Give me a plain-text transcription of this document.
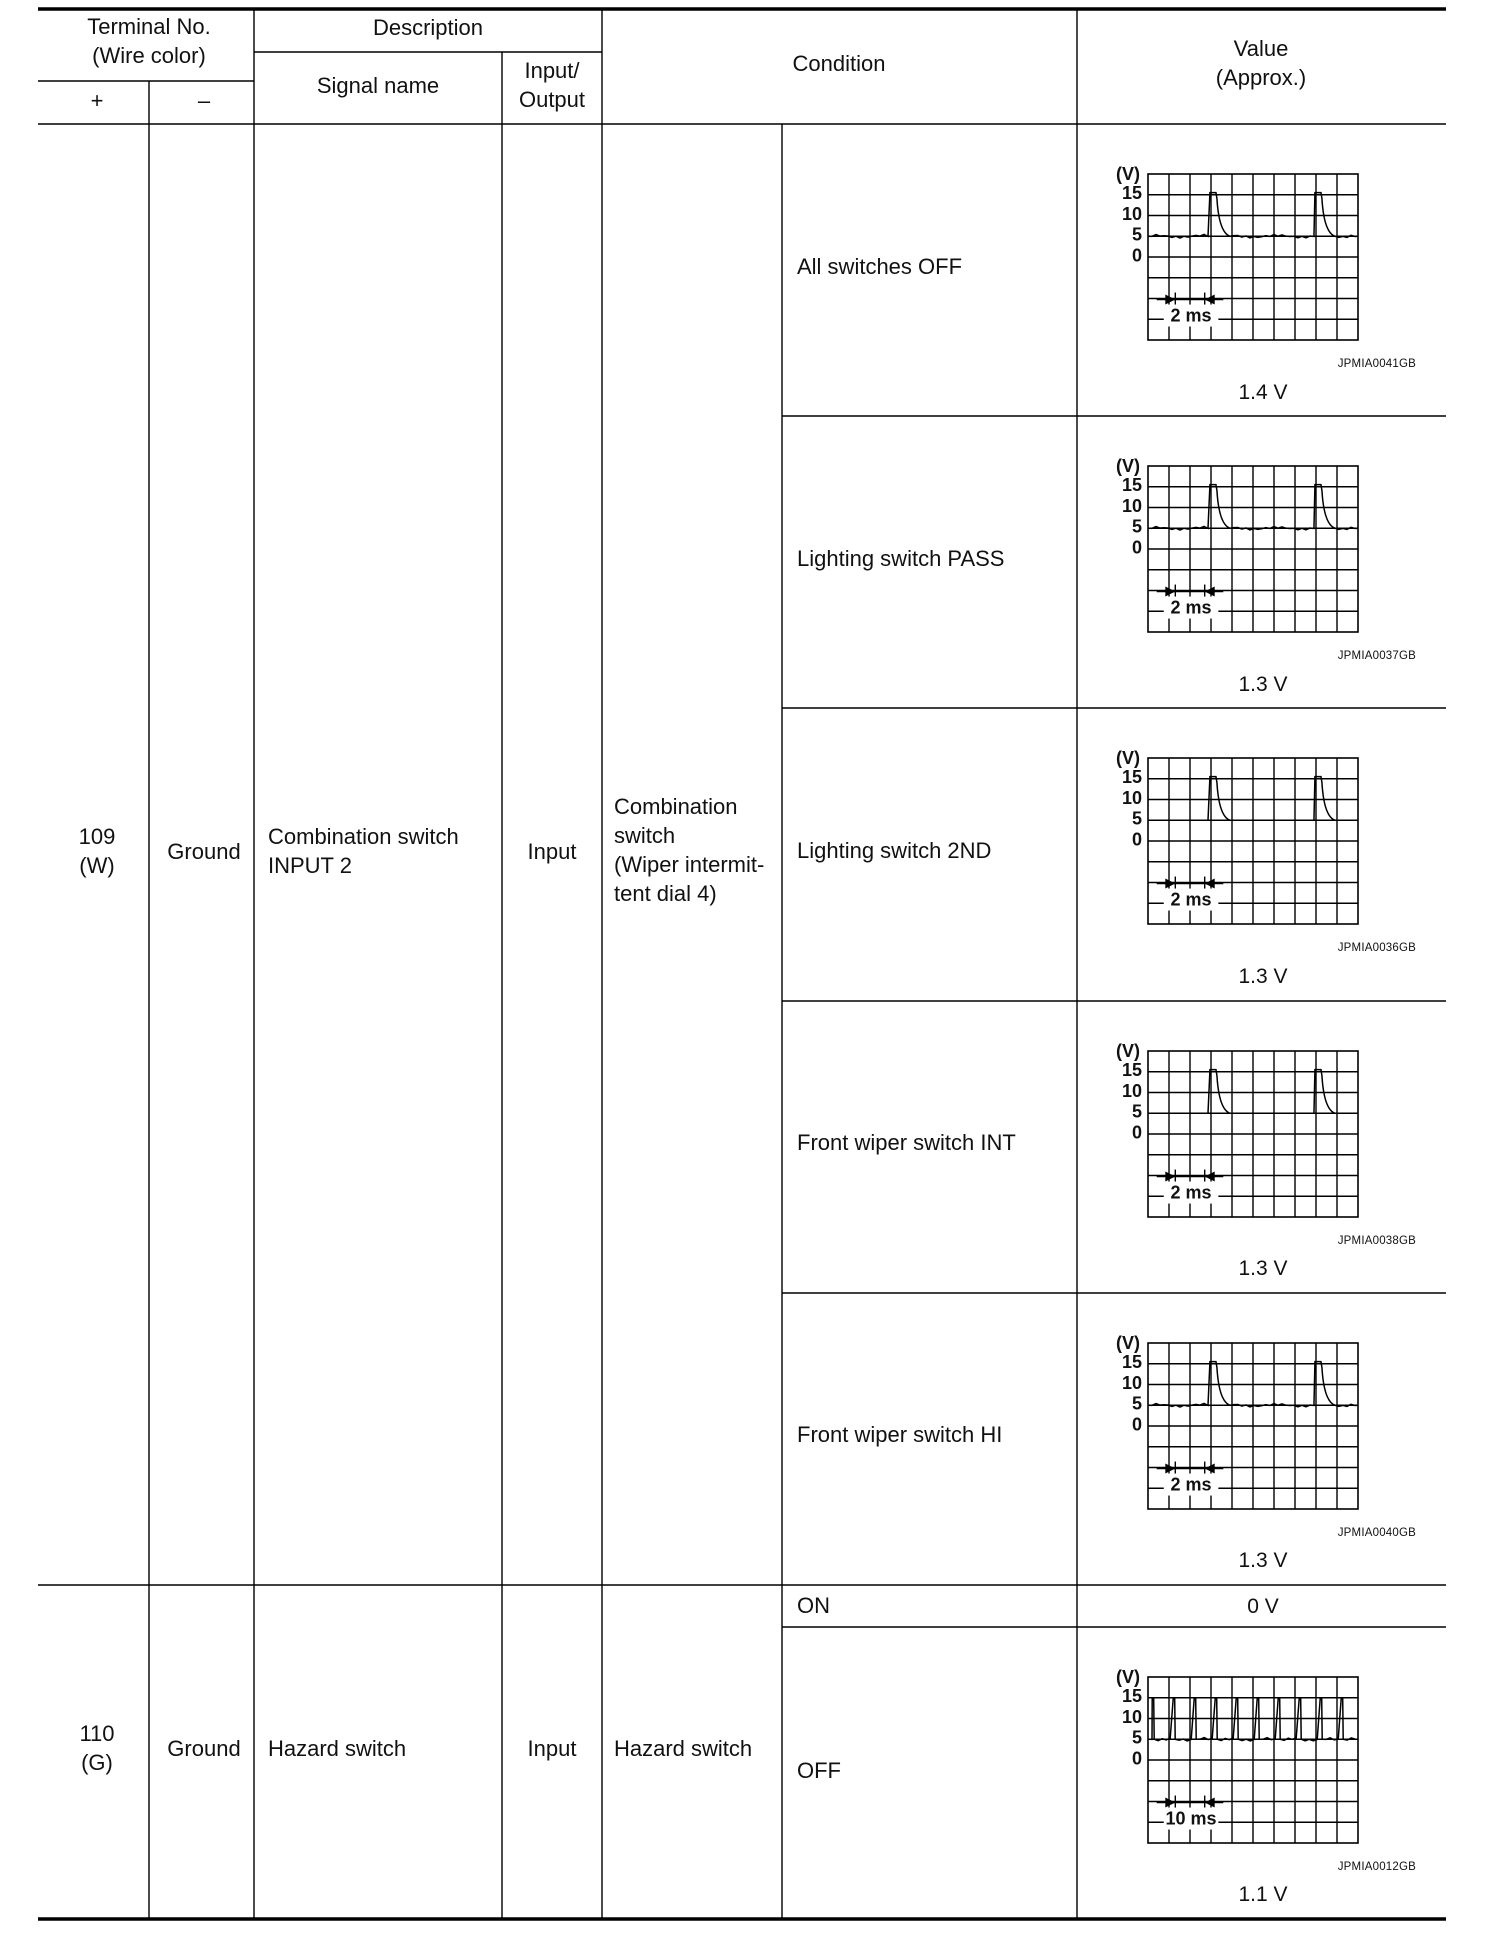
Terminal No.
(Wire color)
+	–
Description
Signal name
Input/
Output
Condition
Value
(Approx.)
109
(W)
Ground
Combination switch
INPUT 2
Input
Combination
switch
(Wiper intermit-
tent dial 4)
All switches OFF
Lighting switch PASS
Lighting switch 2ND
Front wiper switch INT
Front wiper switch HI
1.4 V
1.3 V
1.3 V
1.3 V
1.3 V
110
(G)
Ground Hazard switch	Input Hazard switch
ON
OFF
0 V
1.1 V
(V)
15
10
5
0
2 ms
JPMIA0041GB
(V)
15
10
5
0
2 ms
JPMIA0037GB
(V)
15
10
5
0
2 ms
JPMIA0036GB
(V)
15
10
5
0
2 ms
JPMIA0038GB
(V)
15
10
5
0
2 ms
JPMIA0040GB
(V)
15
10
5
0
10 ms
JPMIA0012GB
